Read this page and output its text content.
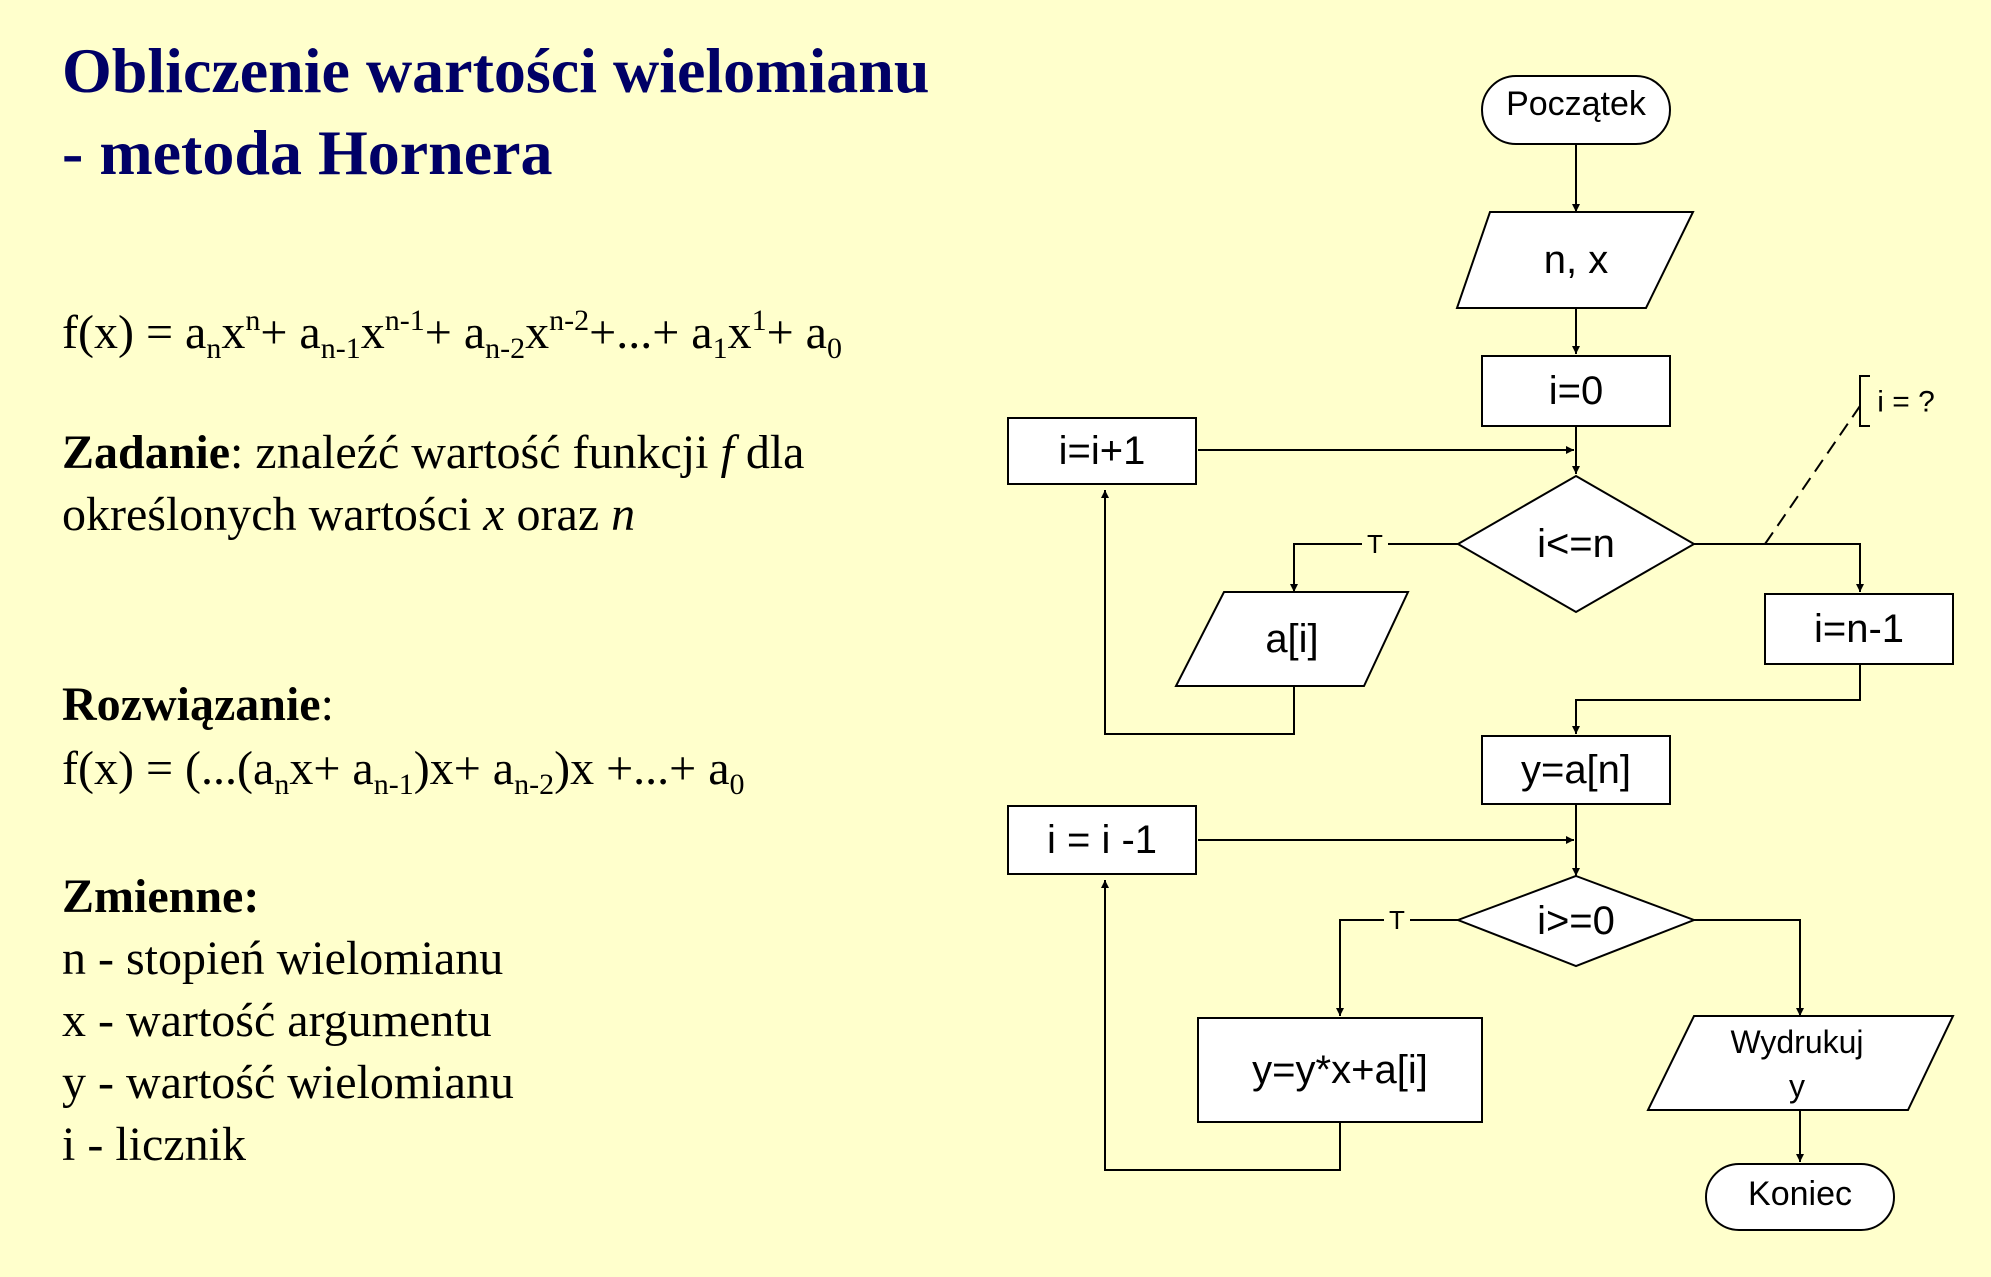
Obliczenie wartości wielomianu
- metoda Hornera
$f(x) = a_nx^n+ a_{n-1}x^{n-1}+ a_{n-2}x^{n-2}+...+ a_1x^1+ a_0$
Zadanie: znaleźć wartość funkcji f dla
określonych wartości x oraz n
Rozwiązanie:
$f(x) = (...(a_nx+ a_{n-1})x+ a_{n-2})x$ +...+ $a_0$
Zmienne:
n - stopień wielomianu
x - wartość argumentu
y - wartość wielomianu
i - licznik
Początek
n, x
i=0
i=i+1
i<=n
T
a[i]	i=n-1
y=a[n]
i = i -1
i>=0
T
y=y*x+a[i]
Wydrukuj
y
Koniec
i = ?
